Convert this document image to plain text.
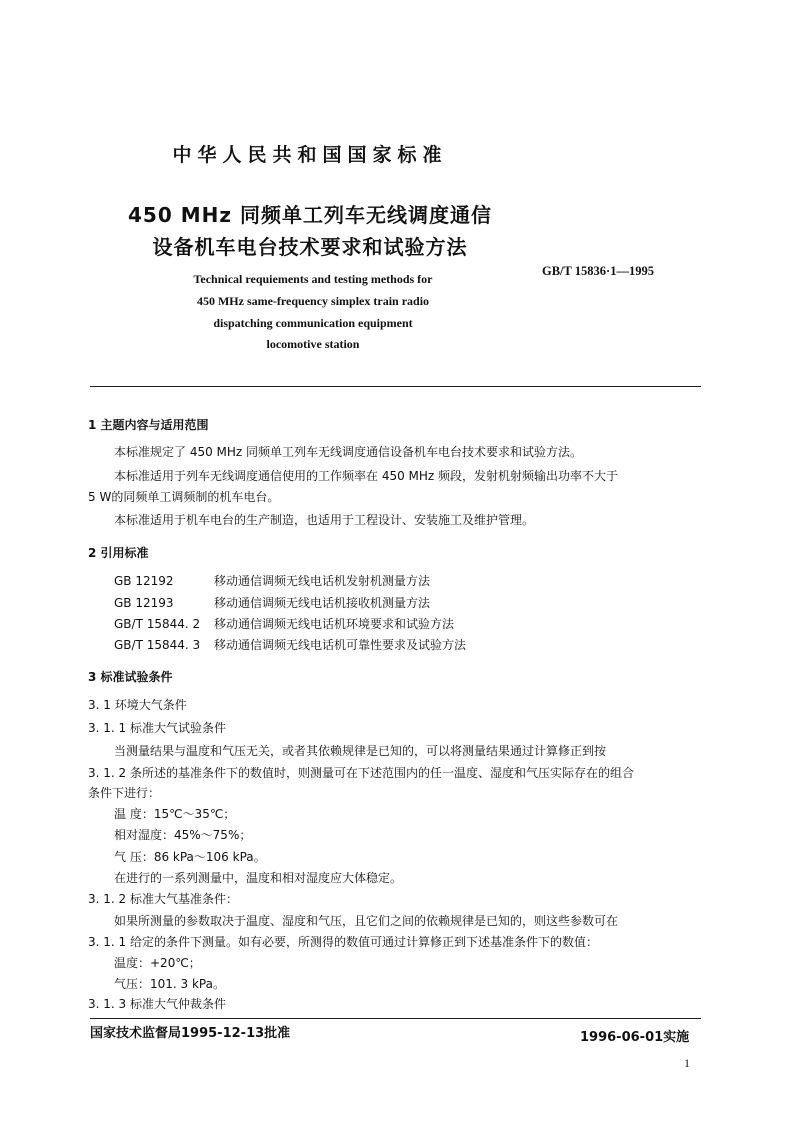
中华人民共和国国家标准
450 MHz 同频单工列车无线调度通信
设备机车电台技术要求和试验方法
Technical requiements and testing methods for
450 MHz same-frequency simplex train radio
dispatching communication equipment
locomotive station
GB/T 15836·1—1995
1 主题内容与适用范围
本标准规定了 450 MHz 同频单工列车无线调度通信设备机车电台技术要求和试验方法。
本标准适用于列车无线调度通信使用的工作频率在 450 MHz 频段，发射机射频输出功率不大于
5 W的同频单工调频制的机车电台。
本标准适用于机车电台的生产制造，也适用于工程设计、安装施工及维护管理。
2 引用标准
GB 12192	移动通信调频无线电话机发射机测量方法
GB 12193	移动通信调频无线电话机接收机测量方法
GB/T 15844. 2 移动通信调频无线电话机环境要求和试验方法
GB/T 15844. 3 移动通信调频无线电话机可靠性要求及试验方法
3 标准试验条件
3. 1 环境大气条件
3. 1. 1 标准大气试验条件
当测量结果与温度和气压无关，或者其依赖规律是已知的，可以将测量结果通过计算修正到按
3. 1. 2 条所述的基准条件下的数值时，则测量可在下述范围内的任一温度、湿度和气压实际存在的组合
条件下进行：
温 度：15℃～35℃；
相对湿度：45%～75%；
气 压：86 kPa～106 kPa。
在进行的一系列测量中，温度和相对湿度应大体稳定。
3. 1. 2 标准大气基准条件：
如果所测量的参数取决于温度、湿度和气压，且它们之间的依赖规律是已知的，则这些参数可在
3. 1. 1 给定的条件下测量。如有必要，所测得的数值可通过计算修正到下述基准条件下的数值：
温度：+20℃；
气压：101. 3 kPa。
3. 1. 3 标准大气仲裁条件
国家技术监督局1995-12-13批准	1996-06-01实施
1
